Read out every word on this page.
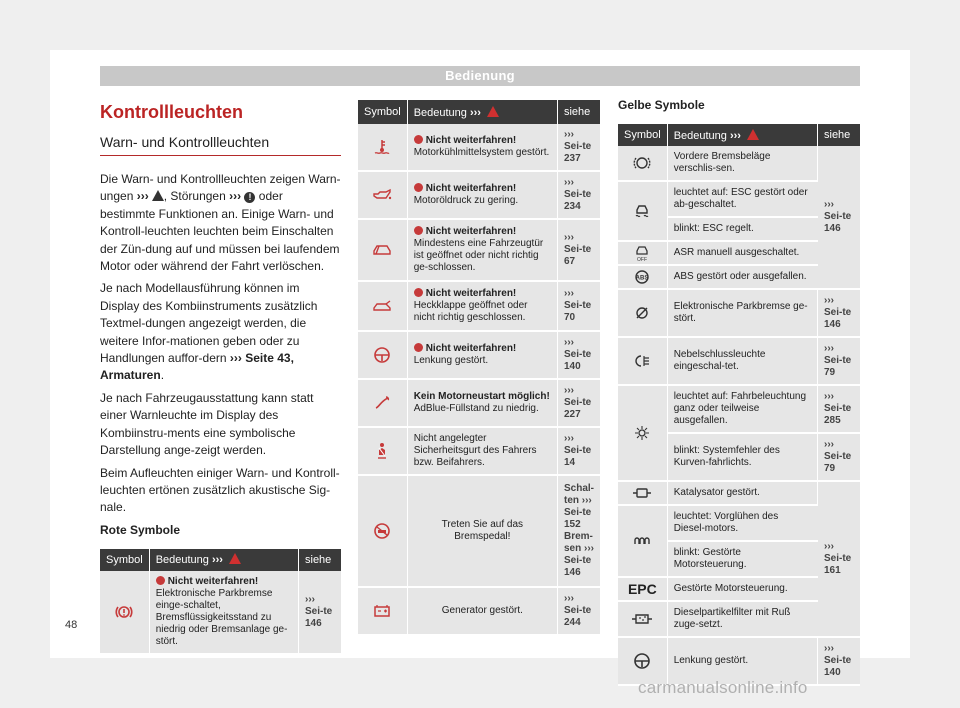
Bedienung
Kontrollleuchten
Warn- und Kontrollleuchten

Die Warn- und Kontrollleuchten zeigen Warn-ungen ››› , Störungen ››› ! oder bestimmte Funktionen an. Einige Warn- und Kontroll-leuchten leuchten beim Einschalten der Zün-dung auf und müssen bei laufendem Motor oder während der Fahrt verlöschen.

Je nach Modellausführung können im Display des Kombiinstruments zusätzlich Textmel-dungen angezeigt werden, die weitere Infor-mationen geben oder zu Handlungen auffor-dern ››› Seite 43, Armaturen.

Je nach Fahrzeugausstattung kann statt einer Warnleuchte im Display des Kombiinstru-ments eine symbolische Darstellung ange-zeigt werden.

Beim Aufleuchten einiger Warn- und Kontroll-leuchten ertönen zusätzlich akustische Sig-nale.

Rote Symbole
Symbol	Bedeutung ›››	siehe

Nicht weiterfahren!
Elektronische Parkbremse einge-schaltet, Bremsflüssigkeitsstand zu niedrig oder Bremsanlage ge-stört.	››› Sei-te 146
Symbol	Bedeutung ›››	siehe

Nicht weiterfahren!
Motorkühlmittelsystem gestört.	››› Sei-te 237

Nicht weiterfahren!
Motoröldruck zu gering.	››› Sei-te 234

Nicht weiterfahren!
Mindestens eine Fahrzeugtür ist geöffnet oder nicht richtig ge-schlossen.	››› Sei-te 67

Nicht weiterfahren!
Heckklappe geöffnet oder nicht richtig geschlossen.	››› Sei-te 70

Nicht weiterfahren!
Lenkung gestört.	››› Sei-te 140

Kein Motorneustart möglich!
AdBlue-Füllstand zu niedrig.	››› Sei-te 227
	Nicht angelegter Sicherheitsgurt des Fahrers bzw. Beifahrers.	››› Sei-te 14
	Treten Sie auf das Bremspedal!	Schal-ten ››› Sei-te 152 Brem-sen ››› Sei-te 146
	Generator gestört.	››› Sei-te 244
Gelbe Symbole
Symbol	Bedeutung ›››	siehe
	Vordere Bremsbeläge verschlis-sen.	››› Sei-te 146
	leuchtet auf: ESC gestört oder ab-geschaltet.	
	blinkt: ESC regelt.	

OFF	ASR manuell ausgeschaltet.	

ABS	ABS gestört oder ausgefallen.	
	Elektronische Parkbremse ge-stört.	››› Sei-te 146
	Nebelschlussleuchte eingeschal-tet.	››› Sei-te 79
	leuchtet auf: Fahrbeleuchtung ganz oder teilweise ausgefallen.	››› Sei-te 285
	blinkt: Systemfehler des Kurven-fahrlichts.	››› Sei-te 79
	Katalysator gestört.	››› Sei-te 161
	leuchtet: Vorglühen des Diesel-motors.	
	blinkt: Gestörte Motorsteuerung.	
EPC	Gestörte Motorsteuerung.	
	Dieselpartikelfilter mit Ruß zuge-setzt.	
	Lenkung gestört.	››› Sei-te 140
48
carmanualsonline.info
